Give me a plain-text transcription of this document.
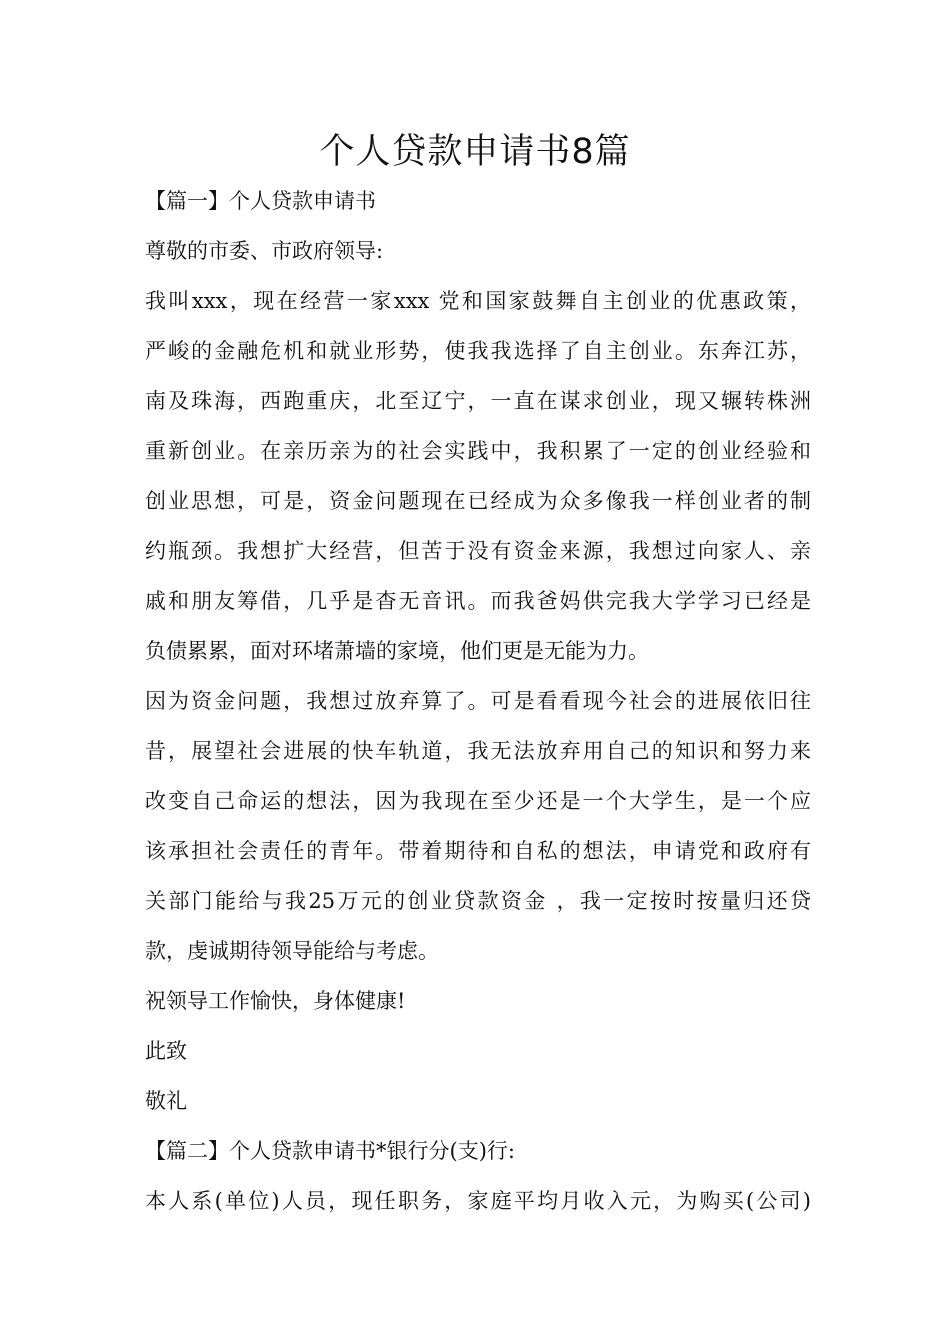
个人贷款申请书8篇
【篇一】个人贷款申请书
尊敬的市委、市政府领导:
我叫xxx，现在经营一家xxx 党和国家鼓舞自主创业的优惠政策，
严峻的金融危机和就业形势，使我我选择了自主创业。东奔江苏，
南及珠海，西跑重庆，北至辽宁，一直在谋求创业，现又辗转株洲
重新创业。在亲历亲为的社会实践中，我积累了一定的创业经验和
创业思想，可是，资金问题现在已经成为众多像我一样创业者的制
约瓶颈。我想扩大经营，但苦于没有资金来源，我想过向家人、亲
戚和朋友筹借，几乎是杳无音讯。而我爸妈供完我大学学习已经是
负债累累，面对环堵萧墙的家境，他们更是无能为力。
因为资金问题，我想过放弃算了。可是看看现今社会的进展依旧往
昔，展望社会进展的快车轨道，我无法放弃用自己的知识和努力来
改变自己命运的想法，因为我现在至少还是一个大学生，是一个应
该承担社会责任的青年。带着期待和自私的想法，申请党和政府有
关部门能给与我25万元的创业贷款资金 ，我一定按时按量归还贷
款，虔诚期待领导能给与考虑。
祝领导工作愉快，身体健康!
此致
敬礼
【篇二】个人贷款申请书*银行分(支)行:
本人系(单位)人员，现任职务，家庭平均月收入元，为购买(公司)
